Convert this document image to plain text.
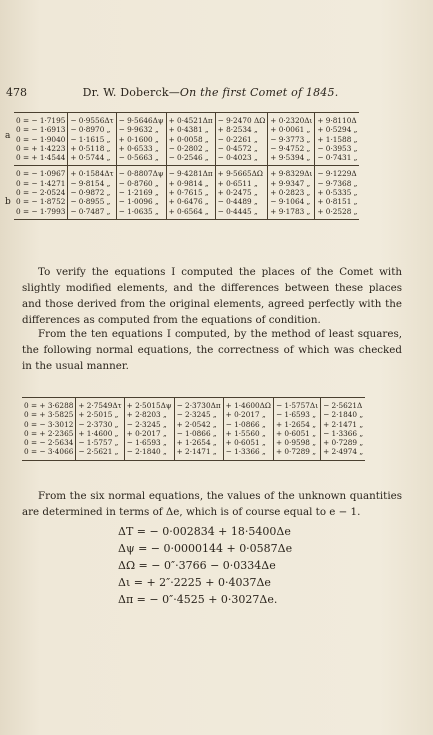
478	Dr. W. Doberck—On the first Comet of 1845.
a
b
0 = − 1·7195	− 0·9556Δτ	− 9·5646Δψ	+ 0·4521Δπ	− 9·2470 ΔΩ	+ 0·2320Δι	+ 9·8110Δ
0 = − 1·6913	− 0·8970 „	− 9·9632 „	+ 0·4381 „	+ 8·2534 „	+ 0·0061 „	+ 0·5294 „
0 = − 1·9040	− 1·1615 „	+ 0·1600 „	+ 0·0058 „	− 0·2261 „	− 9·3773 „	+ 1·1588 „
0 = + 1·4223	+ 0·5118 „	+ 0·6533 „	− 0·2802 „	− 0·4572 „	− 9·4752 „	− 0·3953 „
0 = + 1·4544	+ 0·5744 „	− 0·5663 „	− 0·2546 „	− 0·4023 „	+ 9·5394 „	− 0·7431 „
0 = − 1·0967	+ 0·1584Δτ	− 0·8807Δψ	− 9·4281Δπ	+ 9·5665ΔΩ	+ 9·8329Δι	− 9·1229Δ
0 = − 1·4271	− 9·8154 „	− 0·8760 „	+ 0·9814 „	+ 0·6511 „	+ 9·9347 „	− 9·7368 „
0 = − 2·0524	− 0·9872 „	− 1·2169 „	+ 0·7615 „	+ 0·2475 „	+ 0·2823 „	+ 0·5335 „
0 = − 1·8752	− 0·8955 „	− 1·0096 „	+ 0·6476 „	− 0·4489 „	− 9·1064 „	+ 0·8151 „
0 = − 1·7993	− 0·7487 „	− 1·0635 „	+ 0·6564 „	− 0·4445 „	+ 9·1783 „	+ 0·2528 „
To verify the equations I computed the places of the Comet with slightly modified elements, and the differences between these places and those derived from the original elements, agreed perfectly with the differences as computed from the equations of condition.
From the ten equations I computed, by the method of least squares, the following normal equations, the correctness of which was checked in the usual manner.
0 = + 3·6288	+ 2·7549Δτ	+ 2·5015Δψ	− 2·3730Δπ	+ 1·4600ΔΩ	− 1·5757Δι	− 2·5621Δ
0 = + 3·5825	+ 2·5015 „	+ 2·8203 „	− 2·3245 „	+ 0·2017 „	− 1·6593 „	− 2·1840 „
0 = − 3·3012	− 2·3730 „	− 2·3245 „	+ 2·0542 „	− 1·0866 „	+ 1·2654 „	+ 2·1471 „
0 = + 2·2365	+ 1·4600 „	+ 0·2017 „	− 1·0866 „	+ 1·5560 „	+ 0·6051 „	− 1·3366 „
0 = − 2·5634	− 1·5757 „	− 1·6593 „	+ 1·2654 „	+ 0·6051 „	+ 0·9598 „	+ 0·7289 „
0 = − 3·4066	− 2·5621 „	− 2·1840 „	+ 2·1471 „	− 1·3366 „	+ 0·7289 „	+ 2·4974 „
From the six normal equations, the values of the unknown quantities are determined in terms of Δe, which is of course equal to e − 1.
ΔT = − 0·002834 + 18·5400Δe
Δψ = − 0·0000144 + 0·0587Δe
ΔΩ = − 0″·3766 − 0·0334Δe
Δι = + 2″·2225 + 0·4037Δe
Δπ = − 0″·4525 + 0·3027Δe.
